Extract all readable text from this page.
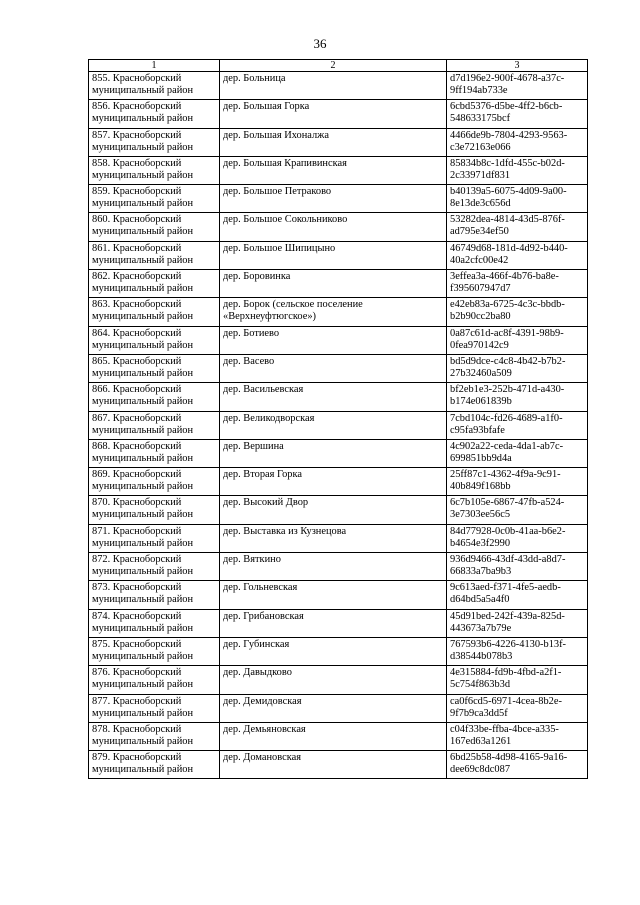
36
1	2	3

855. Красноборский
муниципальный район	дер. Больница	d7d196e2-900f-4678-a37c-
9ff194ab733e

856. Красноборский
муниципальный район	дер. Большая Горка	6cbd5376-d5be-4ff2-b6cb-
548633175bcf

857. Красноборский
муниципальный район	дер. Большая Ихоналжа	4466de9b-7804-4293-9563-
c3e72163e066

858. Красноборский
муниципальный район	дер. Большая Крапивинская	85834b8c-1dfd-455c-b02d-
2c33971df831

859. Красноборский
муниципальный район	дер. Большое Петраково	b40139a5-6075-4d09-9a00-
8e13de3c656d

860. Красноборский
муниципальный район	дер. Большое Сокольниково	53282dea-4814-43d5-876f-
ad795e34ef50

861. Красноборский
муниципальный район	дер. Большое Шипицыно	46749d68-181d-4d92-b440-
40a2cfc00e42

862. Красноборский
муниципальный район	дер. Боровинка	3effea3a-466f-4b76-ba8e-
f395607947d7

863. Красноборский
муниципальный район	дер. Борок (сельское поселение
«Верхнеуфтюгское»)	e42eb83a-6725-4c3c-bbdb-
b2b90cc2ba80

864. Красноборский
муниципальный район	дер. Ботиево	0a87c61d-ac8f-4391-98b9-
0fea970142c9

865. Красноборский
муниципальный район	дер. Васево	bd5d9dce-c4c8-4b42-b7b2-
27b32460a509

866. Красноборский
муниципальный район	дер. Васильевская	bf2eb1e3-252b-471d-a430-
b174e061839b

867. Красноборский
муниципальный район	дер. Великодворская	7cbd104c-fd26-4689-a1f0-
c95fa93bfafe

868. Красноборский
муниципальный район	дер. Вершина	4c902a22-ceda-4da1-ab7c-
699851bb9d4a

869. Красноборский
муниципальный район	дер. Вторая Горка	25ff87c1-4362-4f9a-9c91-
40b849f168bb

870. Красноборский
муниципальный район	дер. Высокий Двор	6c7b105e-6867-47fb-a524-
3e7303ee56c5

871. Красноборский
муниципальный район	дер. Выставка из Кузнецова	84d77928-0c0b-41aa-b6e2-
b4654e3f2990

872. Красноборский
муниципальный район	дер. Вяткино	936d9466-43df-43dd-a8d7-
66833a7ba9b3

873. Красноборский
муниципальный район	дер. Гольневская	9c613aed-f371-4fe5-aedb-
d64bd5a5a4f0

874. Красноборский
муниципальный район	дер. Грибановская	45d91bed-242f-439a-825d-
443673a7b79e

875. Красноборский
муниципальный район	дер. Губинская	767593b6-4226-4130-b13f-
d38544b078b3

876. Красноборский
муниципальный район	дер. Давыдково	4e315884-fd9b-4fbd-a2f1-
5c754f863b3d

877. Красноборский
муниципальный район	дер. Демидовская	ca0f6cd5-6971-4cea-8b2e-
9f7b9ca3dd5f

878. Красноборский
муниципальный район	дер. Демьяновская	c04f33be-ffba-4bce-a335-
167ed63a1261

879. Красноборский
муниципальный район	дер. Домановская	6bd25b58-4d98-4165-9a16-
dee69c8dc087
